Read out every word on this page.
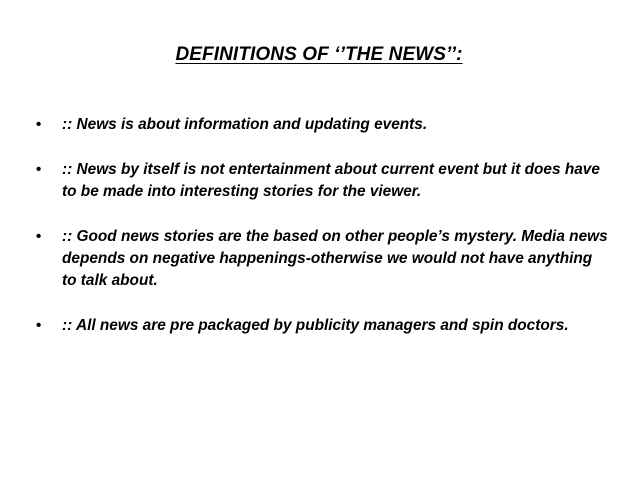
DEFINITIONS OF ‘’THE NEWS’’:
• :: News is about information and updating events.
• :: News by itself is not entertainment about current event but it does have to be made into interesting stories for the viewer.
• :: Good news stories are the based on other people’s mystery. Media news depends on negative happenings-otherwise we would not have anything to talk about.
• :: All news are pre packaged by publicity managers and spin doctors.
